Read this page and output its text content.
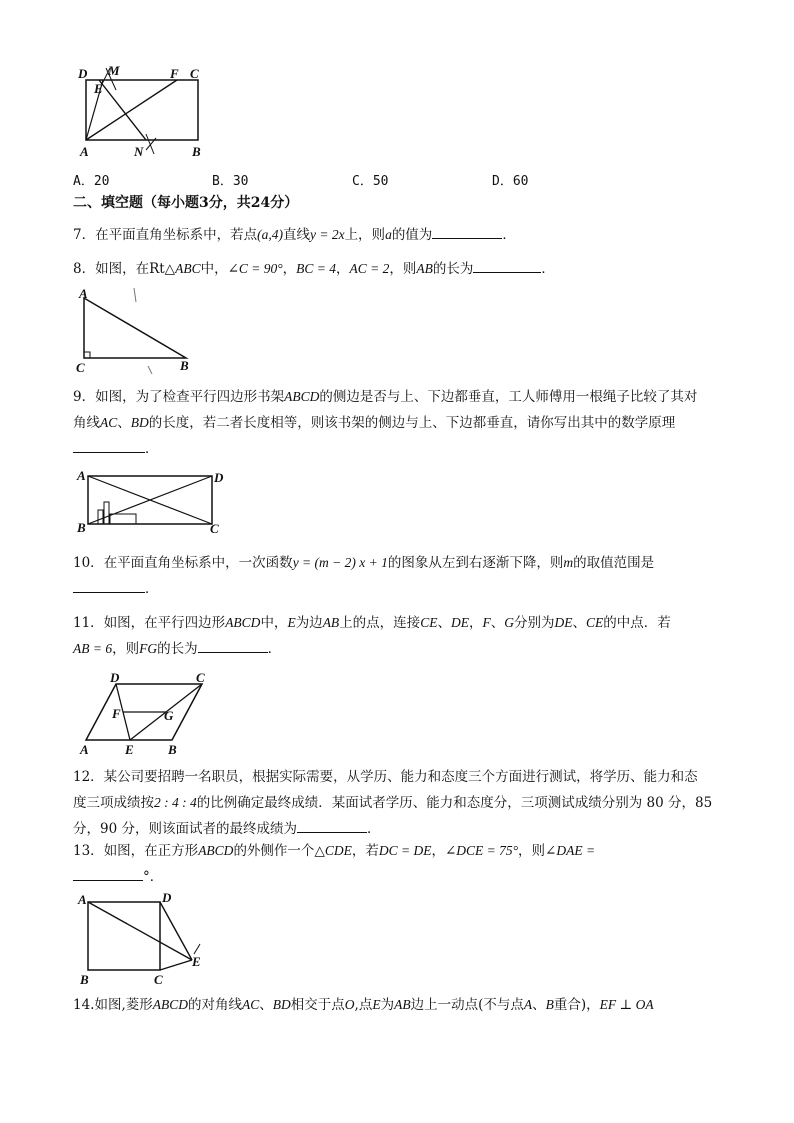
D M	F C
E
A	N	B
A．20	B．30	C．50	D．60
二、填空题（每小题3分，共24分）
7．在平面直角坐标系中，若点(a,4)直线y = 2x上，则a的值为	．
8．如图，在Rt△ABC中，∠C = 90°，BC = 4，AC = 2，则AB的长为	．
A
C	B
9．如图，为了检查平行四边形书架ABCD的侧边是否与上、下边都垂直，工人师傅用一根绳子比较了其对
角线AC、BD的长度，若二者长度相等，则该书架的侧边与上、下边都垂直，请你写出其中的数学原理
．
A	D
B	C
10．在平面直角坐标系中，一次函数y = (m − 2) x + 1的图象从左到右逐渐下降，则m的取值范围是
．
11．如图，在平行四边形ABCD中，E为边AB上的点，连接CE、DE，F、G分别为DE、CE的中点．若
AB = 6，则FG的长为	．
D	C
F	G
A	E	B
12．某公司要招聘一名职员，根据实际需要，从学历、能力和态度三个方面进行测试，将学历、能力和态
度三项成绩按2 : 4 : 4的比例确定最终成绩．某面试者学历、能力和态度分，三项测试成绩分别为 80 分，85
分，90 分，则该面试者的最终成绩为	．
13．如图，在正方形ABCD的外侧作一个△CDE，若DC = DE，∠DCE = 75°，则∠DAE =
°．
A	D
E
B	C
14.如图,菱形ABCD的对角线AC、BD相交于点O,点E为AB边上一动点(不与点A、B重合)，EF ⊥ OA
